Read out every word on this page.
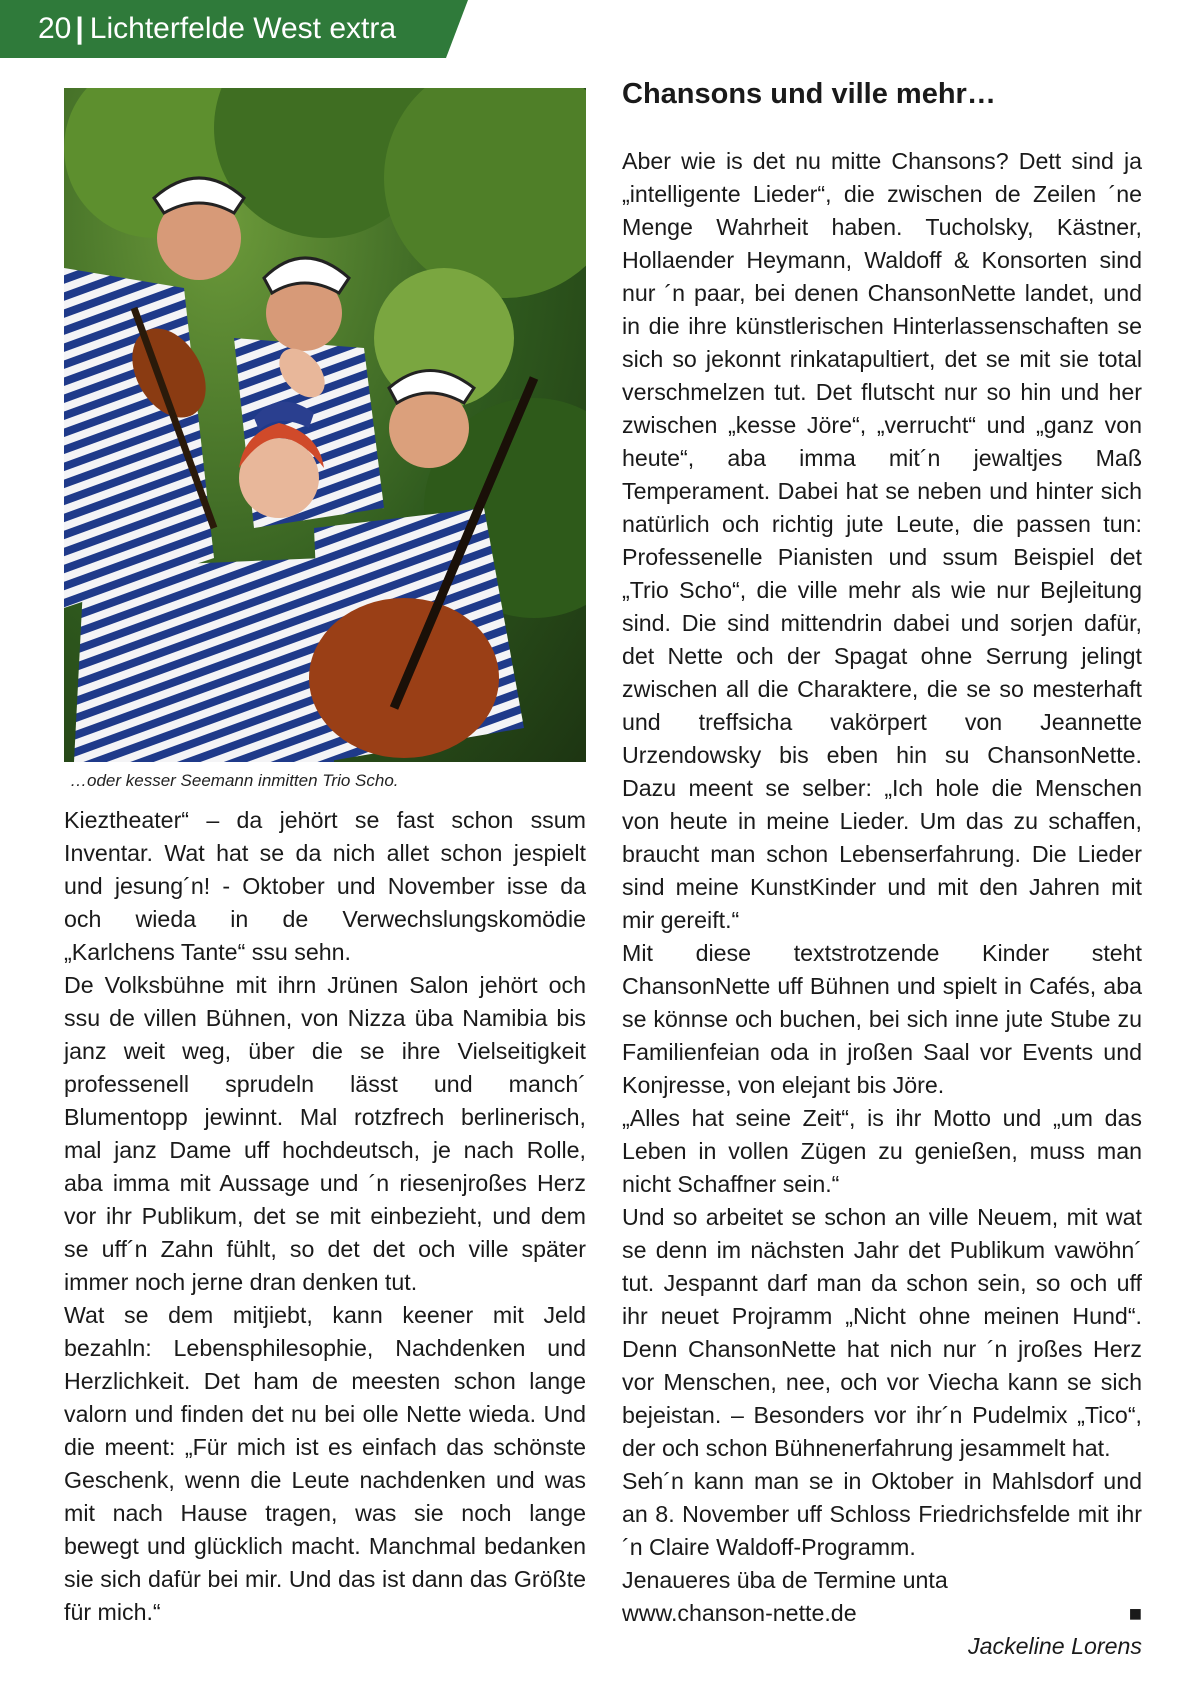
20 | Lichterfelde West extra
Chansons und ville mehr…
…oder kesser Seemann inmitten Trio Scho.

Kieztheater“ – da jehört se fast schon ssum Inventar. Wat hat se da nich allet schon jespielt und jesung´n! - Oktober und November isse da och wieda in de Verwechslungskomödie „Karlchens Tante“ ssu sehn.

De Volksbühne mit ihrn Jrünen Salon jehört och ssu de villen Bühnen, von Nizza üba Namibia bis janz weit weg, über die se ihre Vielseitigkeit professenell sprudeln lässt und manch´ Blumentopp jewinnt. Mal rotzfrech berlinerisch, mal janz Dame uff hochdeutsch, je nach Rolle, aba imma mit Aussage und ´n riesenjroßes Herz vor ihr Publikum, det se mit einbezieht, und dem se uff´n Zahn fühlt, so det det och ville später immer noch jerne dran denken tut.

Wat se dem mitjiebt, kann keener mit Jeld bezahln: Lebensphilesophie, Nachdenken und Herzlichkeit. Det ham de meesten schon lange valorn und finden det nu bei olle Nette wieda. Und die meent: „Für mich ist es einfach das schönste Geschenk, wenn die Leute nachdenken und was mit nach Hause tragen, was sie noch lange bewegt und glücklich macht. Manchmal bedanken sie sich dafür bei mir. Und das ist dann das Größte für mich.“

Aber wie is det nu mitte Chansons? Dett sind ja „intelligente Lieder“, die zwischen de Zeilen ´ne Menge Wahrheit haben. Tucholsky, Kästner, Hollaender Heymann, Waldoff & Konsorten sind nur ´n paar, bei denen ChansonNette landet, und in die ihre künstlerischen Hinterlassenschaften se sich so jekonnt rinkatapultiert, det se mit sie total verschmelzen tut. Det flutscht nur so hin und her zwischen „kesse Jöre“, „verrucht“ und „ganz von heute“, aba imma mit´n jewaltjes Maß Temperament. Dabei hat se neben und hinter sich natürlich och richtig jute Leute, die passen tun: Professenelle Pianisten und ssum Beispiel det „Trio Scho“, die ville mehr als wie nur Bejleitung sind. Die sind mittendrin dabei und sorjen dafür, det Nette och der Spagat ohne Serrung jelingt zwischen all die Charaktere, die se so mesterhaft und treffsicha vakörpert von Jeannette Urzendowsky bis eben hin su ChansonNette. Dazu meent se selber: „Ich hole die Menschen von heute in meine Lieder. Um das zu schaffen, braucht man schon Lebenserfahrung. Die Lieder sind meine KunstKinder und mit den Jahren mit mir gereift.“

Mit diese textstrotzende Kinder steht ChansonNette uff Bühnen und spielt in Cafés, aba se könnse och buchen, bei sich inne jute Stube zu Familienfeian oda in jroßen Saal vor Events und Konjresse, von elejant bis Jöre.

„Alles hat seine Zeit“, is ihr Motto und „um das Leben in vollen Zügen zu genießen, muss man nicht Schaffner sein.“

Und so arbeitet se schon an ville Neuem, mit wat se denn im nächsten Jahr det Publikum vawöhn´ tut. Jespannt darf man da schon sein, so och uff ihr neuet Projramm „Nicht ohne meinen Hund“. Denn ChansonNette hat nich nur ´n jroßes Herz vor Menschen, nee, och vor Viecha kann se sich bejeistan. – Besonders vor ihr´n Pudelmix „Tico“, der och schon Bühnenerfahrung jesammelt hat.

Seh´n kann man se in Oktober in Mahlsdorf und an 8. November uff Schloss Friedrichsfelde mit ihr´n Claire Waldoff-Programm.

Jenaueres üba de Termine unta

www.chanson-nette.de	■
Jackeline Lorens
